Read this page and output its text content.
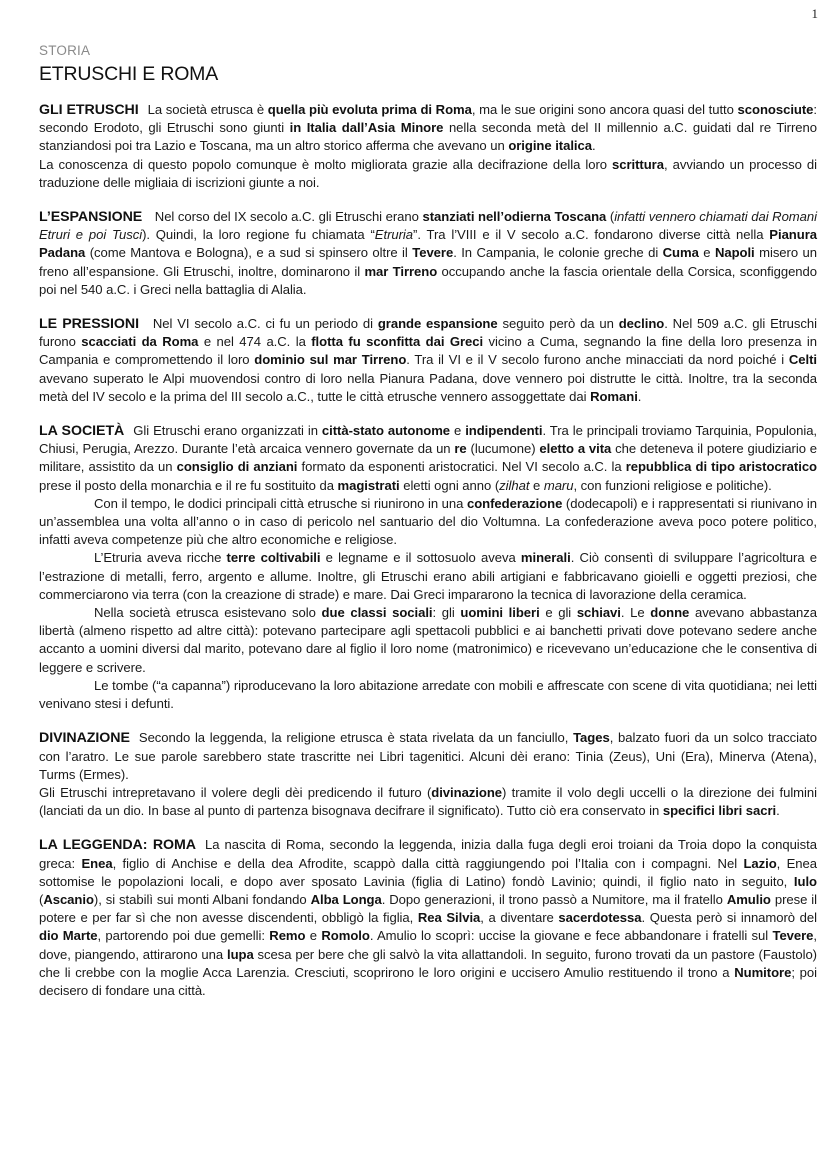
1
STORIA
ETRUSCHI E ROMA

GLI ETRUSCHI La società etrusca è quella più evoluta prima di Roma, ma le sue origini sono ancora quasi del tutto sconosciute: secondo Erodoto, gli Etruschi sono giunti in Italia dall’Asia Minore nella seconda metà del II millennio a.C. guidati dal re Tirreno stanziandosi poi tra Lazio e Toscana, ma un altro storico afferma che avevano un origine italica.

La conoscenza di questo popolo comunque è molto migliorata grazie alla decifrazione della loro scrittura, avviando un processo di traduzione delle migliaia di iscrizioni giunte a noi.

L’ESPANSIONE Nel corso del IX secolo a.C. gli Etruschi erano stanziati nell’odierna Toscana (infatti vennero chiamati dai Romani Etruri e poi Tusci). Quindi, la loro regione fu chiamata “Etruria”. Tra l’VIII e il V secolo a.C. fondarono diverse città nella Pianura Padana (come Mantova e Bologna), e a sud si spinsero oltre il Tevere. In Campania, le colonie greche di Cuma e Napoli misero un freno all’espansione. Gli Etruschi, inoltre, dominarono il mar Tirreno occupando anche la fascia orientale della Corsica, sconfiggendo poi nel 540 a.C. i Greci nella battaglia di Alalia.

LE PRESSIONI Nel VI secolo a.C. ci fu un periodo di grande espansione seguito però da un declino. Nel 509 a.C. gli Etruschi furono scacciati da Roma e nel 474 a.C. la flotta fu sconfitta dai Greci vicino a Cuma, segnando la fine della loro presenza in Campania e compromettendo il loro dominio sul mar Tirreno. Tra il VI e il V secolo furono anche minacciati da nord poiché i Celti avevano superato le Alpi muovendosi contro di loro nella Pianura Padana, dove vennero poi distrutte le città. Inoltre, tra la seconda metà del IV secolo e la prima del III secolo a.C., tutte le città etrusche vennero assoggettate dai Romani.

LA SOCIETÀ Gli Etruschi erano organizzati in città-stato autonome e indipendenti. Tra le principali troviamo Tarquinia, Populonia, Chiusi, Perugia, Arezzo. Durante l’età arcaica vennero governate da un re (lucumone) eletto a vita che deteneva il potere giudiziario e militare, assistito da un consiglio di anziani formato da esponenti aristocratici. Nel VI secolo a.C. la repubblica di tipo aristocratico prese il posto della monarchia e il re fu sostituito da magistrati eletti ogni anno (zilhat e maru, con funzioni religiose e politiche).

Con il tempo, le dodici principali città etrusche si riunirono in una confederazione (dodecapoli) e i rappresentati si riunivano in un’assemblea una volta all’anno o in caso di pericolo nel santuario del dio Voltumna. La confederazione aveva poco potere politico, infatti aveva competenze più che altro economiche e religiose.

L’Etruria aveva ricche terre coltivabili e legname e il sottosuolo aveva minerali. Ciò consentì di sviluppare l’agricoltura e l’estrazione di metalli, ferro, argento e allume. Inoltre, gli Etruschi erano abili artigiani e fabbricavano gioielli e oggetti preziosi, che commerciarono via terra (con la creazione di strade) e mare. Dai Greci impararono la tecnica di lavorazione della ceramica.

Nella società etrusca esistevano solo due classi sociali: gli uomini liberi e gli schiavi. Le donne avevano abbastanza libertà (almeno rispetto ad altre città): potevano partecipare agli spettacoli pubblici e ai banchetti privati dove potevano sedere anche accanto a uomini diversi dal marito, potevano dare al figlio il loro nome (matronimico) e ricevevano un’educazione che le consentiva di leggere e scrivere.

Le tombe (“a capanna”) riproducevano la loro abitazione arredate con mobili e affrescate con scene di vita quotidiana; nei letti venivano stesi i defunti.

DIVINAZIONE Secondo la leggenda, la religione etrusca è stata rivelata da un fanciullo, Tages, balzato fuori da un solco tracciato con l’aratro. Le sue parole sarebbero state trascritte nei Libri tagenitici. Alcuni dèi erano: Tinia (Zeus), Uni (Era), Minerva (Atena), Turms (Ermes).

Gli Etruschi intrepretavano il volere degli dèi predicendo il futuro (divinazione) tramite il volo degli uccelli o la direzione dei fulmini (lanciati da un dio. In base al punto di partenza bisognava decifrare il significato). Tutto ciò era conservato in specifici libri sacri.

LA LEGGENDA: ROMA La nascita di Roma, secondo la leggenda, inizia dalla fuga degli eroi troiani da Troia dopo la conquista greca: Enea, figlio di Anchise e della dea Afrodite, scappò dalla città raggiungendo poi l’Italia con i compagni. Nel Lazio, Enea sottomise le popolazioni locali, e dopo aver sposato Lavinia (figlia di Latino) fondò Lavinio; quindi, il figlio nato in seguito, Iulo (Ascanio), si stabilì sui monti Albani fondando Alba Longa. Dopo generazioni, il trono passò a Numitore, ma il fratello Amulio prese il potere e per far sì che non avesse discendenti, obbligò la figlia, Rea Silvia, a diventare sacerdotessa. Questa però si innamorò del dio Marte, partorendo poi due gemelli: Remo e Romolo. Amulio lo scoprì: uccise la giovane e fece abbandonare i fratelli sul Tevere, dove, piangendo, attirarono una lupa scesa per bere che gli salvò la vita allattandoli. In seguito, furono trovati da un pastore (Faustolo) che li crebbe con la moglie Acca Larenzia. Cresciuti, scoprirono le loro origini e uccisero Amulio restituendo il trono a Numitore; poi decisero di fondare una città.
